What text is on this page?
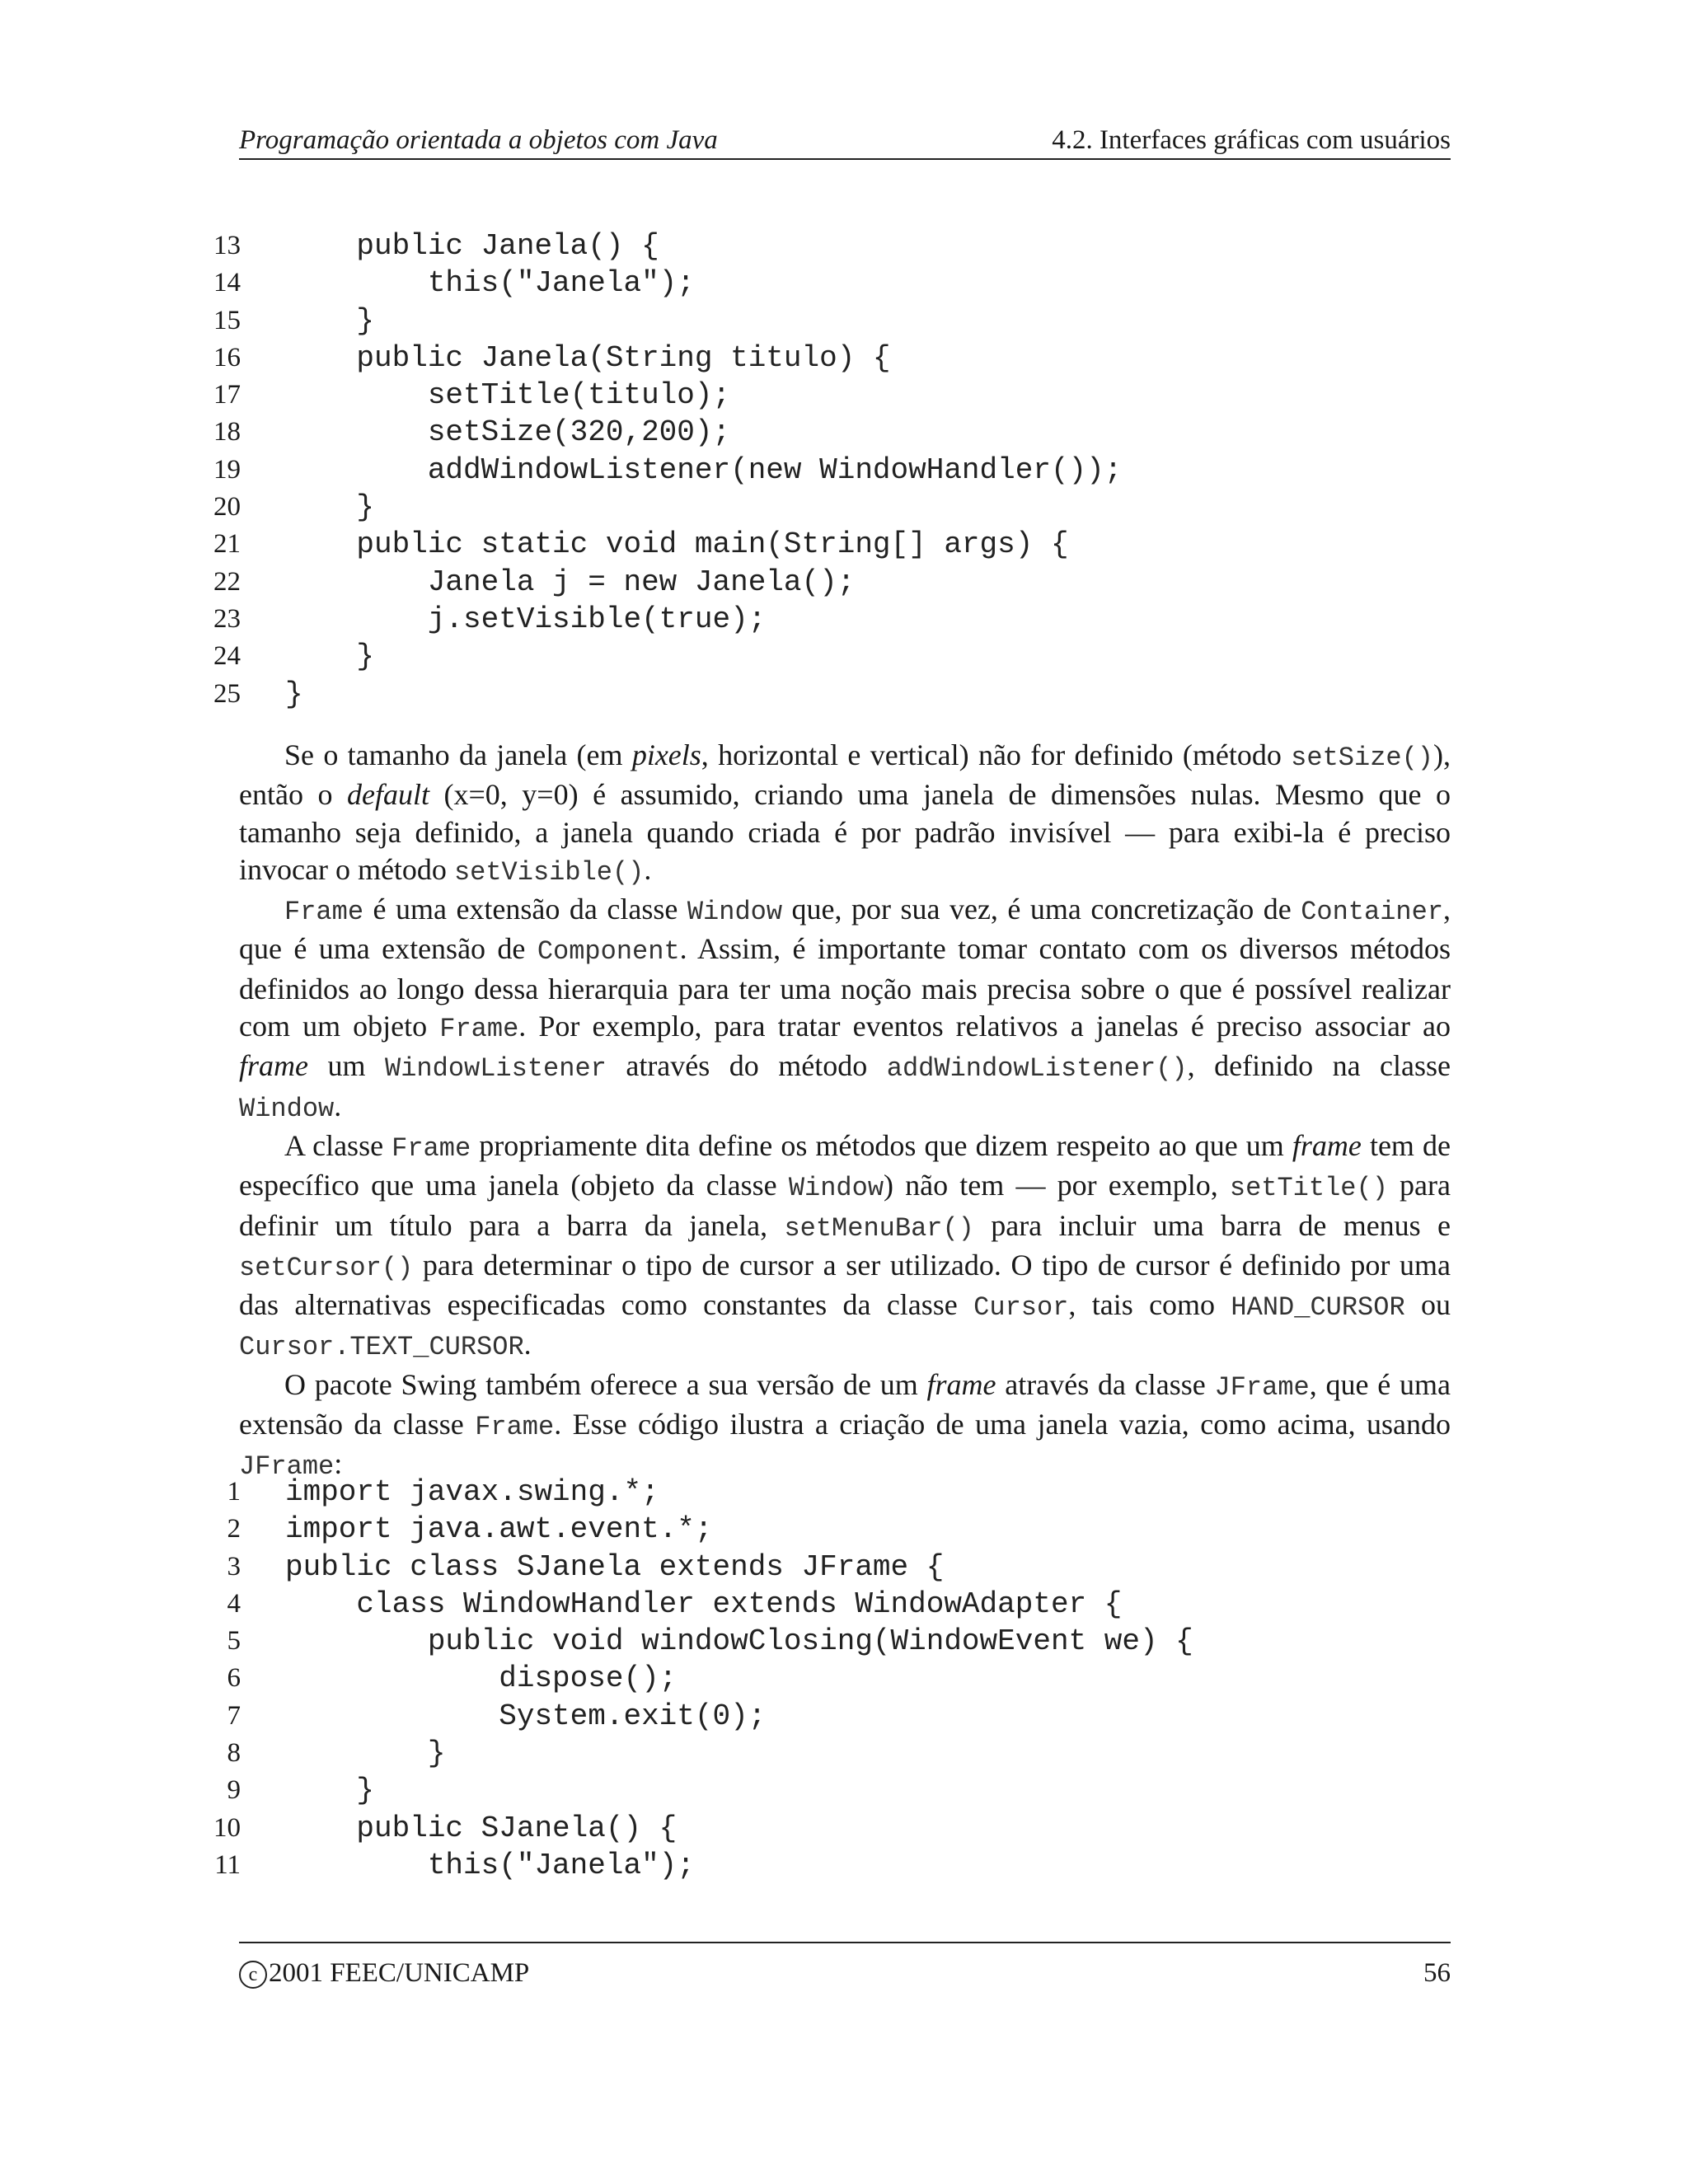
Programação orientada a objetos com Java	4.2. Interfaces gráficas com usuários
13    public Janela() {
14        this("Janela");
15    }
16    public Janela(String titulo) {
17        setTitle(titulo);
18        setSize(320,200);
19        addWindowListener(new WindowHandler());
20    }
21    public static void main(String[] args) {
22        Janela j = new Janela();
23        j.setVisible(true);
24    }
25 }

Se o tamanho da janela (em pixels, horizontal e vertical) não for definido (método setSize()), então o default (x=0, y=0) é assumido, criando uma janela de dimensões nulas. Mesmo que o tamanho seja definido, a janela quando criada é por padrão invisível — para exibi-la é preciso invocar o método setVisible().

Frame é uma extensão da classe Window que, por sua vez, é uma concretização de Container, que é uma extensão de Component. Assim, é importante tomar contato com os diversos métodos definidos ao longo dessa hierarquia para ter uma noção mais precisa sobre o que é possível realizar com um objeto Frame. Por exemplo, para tratar eventos relativos a janelas é preciso associar ao frame um WindowListener através do método addWindowListener(), definido na classe Window.

A classe Frame propriamente dita define os métodos que dizem respeito ao que um frame tem de específico que uma janela (objeto da classe Window) não tem — por exemplo, setTitle() para definir um título para a barra da janela, setMenuBar() para incluir uma barra de menus e setCursor() para determinar o tipo de cursor a ser utilizado. O tipo de cursor é definido por uma das alternativas especificadas como constantes da classe Cursor, tais como HAND_CURSOR ou Cursor.TEXT_CURSOR.

O pacote Swing também oferece a sua versão de um frame através da classe JFrame, que é uma extensão da classe Frame. Esse código ilustra a criação de uma janela vazia, como acima, usando JFrame:

1 import javax.swing.*;
2 import java.awt.event.*;
3 public class SJanela extends JFrame {
4    class WindowHandler extends WindowAdapter {
5        public void windowClosing(WindowEvent we) {
6            dispose();
7            System.exit(0);
8        }
9    }
10    public SJanela() {
11        this("Janela");
c 2001 FEEC/UNICAMP	56
